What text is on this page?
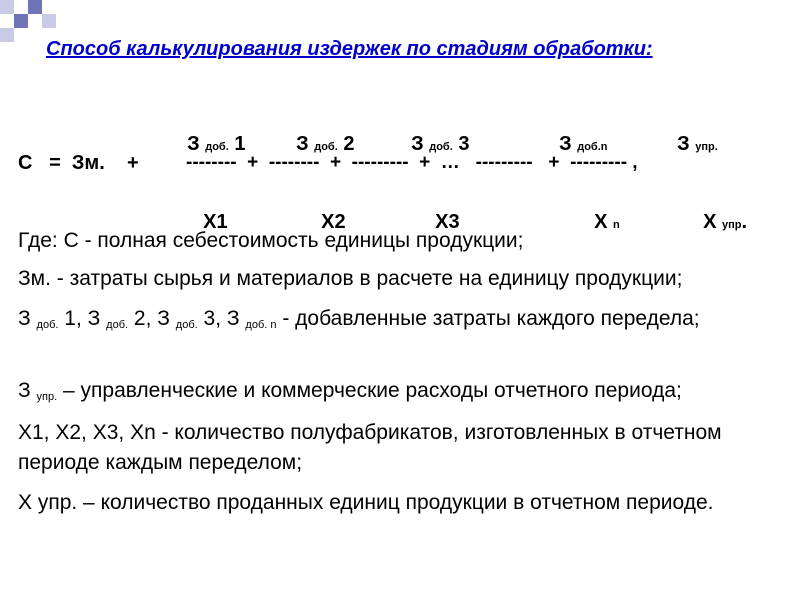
Способ калькулирования издержек по стадиям обработки:

З доб. 1	З доб. 2	З доб. 3	З доб.n	З упр.

С   =  Зм.    + --------  +  --------  +  ---------  +  …   ---------   +  --------- ,

Х1	Х2	Х3	Х n	Х упр.

Где: С - полная себестоимость единицы продукции;
Зм. - затраты сырья и материалов в расчете на единицу продукции;
З доб. 1, З доб. 2, З доб. 3, З доб. n - добавленные затраты каждого передела;
З упр. – управленческие и коммерческие расходы отчетного периода;
Х1, Х2, Х3, Хn - количество полуфабрикатов, изготовленных в отчетном периоде каждым переделом;
Х упр. – количество проданных единиц продукции в отчетном периоде.
